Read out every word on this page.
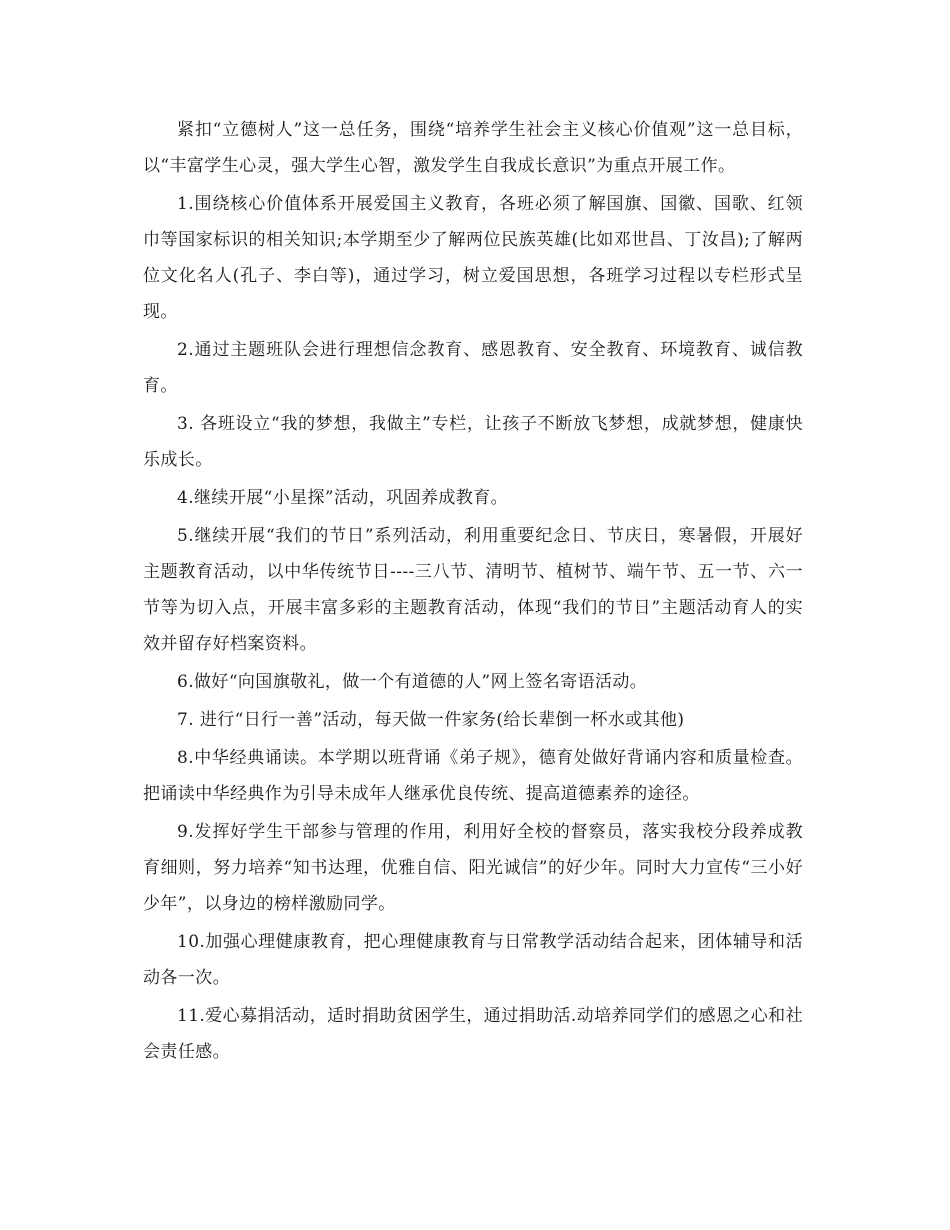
紧扣“立德树人”这一总任务，围绕“培养学生社会主义核心价值观”这一总目标，以“丰富学生心灵，强大学生心智，激发学生自我成长意识”为重点开展工作。

1.围绕核心价值体系开展爱国主义教育，各班必须了解国旗、国徽、国歌、红领巾等国家标识的相关知识;本学期至少了解两位民族英雄(比如邓世昌、丁汝昌);了解两位文化名人(孔子、李白等)，通过学习，树立爱国思想，各班学习过程以专栏形式呈现。

2.通过主题班队会进行理想信念教育、感恩教育、安全教育、环境教育、诚信教育。

3. 各班设立“我的梦想，我做主”专栏，让孩子不断放飞梦想，成就梦想，健康快乐成长。

4.继续开展“小星探”活动，巩固养成教育。

5.继续开展“我们的节日”系列活动，利用重要纪念日、节庆日，寒暑假，开展好主题教育活动，以中华传统节日----三八节、清明节、植树节、端午节、五一节、六一节等为切入点，开展丰富多彩的主题教育活动，体现“我们的节日”主题活动育人的实效并留存好档案资料。

6.做好“向国旗敬礼，做一个有道德的人”网上签名寄语活动。

7. 进行“日行一善”活动，每天做一件家务(给长辈倒一杯水或其他)

8.中华经典诵读。本学期以班背诵《弟子规》，德育处做好背诵内容和质量检查。把诵读中华经典作为引导未成年人继承优良传统、提高道德素养的途径。

9.发挥好学生干部参与管理的作用，利用好全校的督察员，落实我校分段养成教育细则，努力培养“知书达理，优雅自信、阳光诚信”的好少年。同时大力宣传“三小好少年”，以身边的榜样激励同学。

10.加强心理健康教育，把心理健康教育与日常教学活动结合起来，团体辅导和活动各一次。

11.爱心募捐活动，适时捐助贫困学生，通过捐助活.动培养同学们的感恩之心和社会责任感。
